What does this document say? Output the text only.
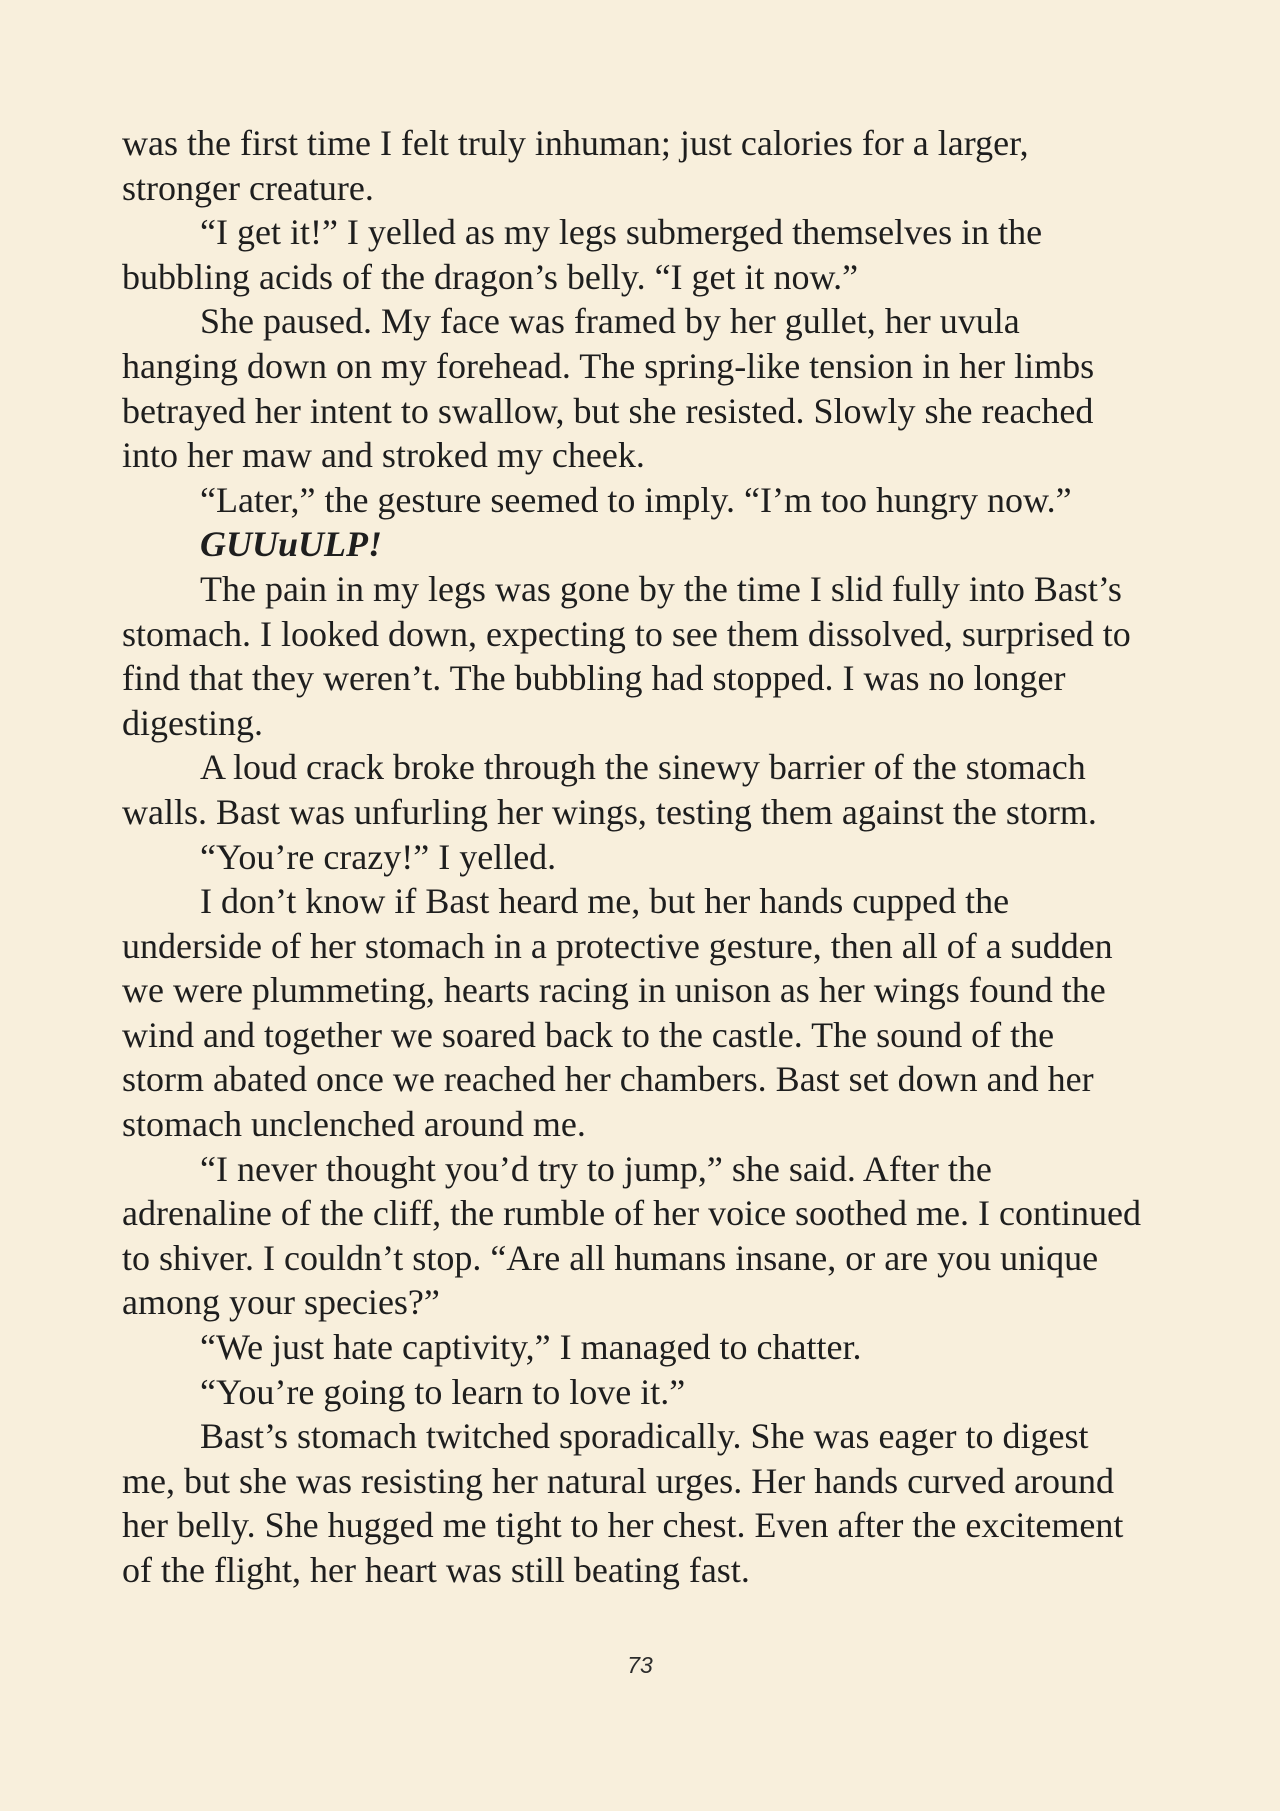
was the first time I felt truly inhuman; just calories for a larger,

stronger creature.

“I get it!” I yelled as my legs submerged themselves in the

bubbling acids of the dragon’s belly. “I get it now.”

She paused. My face was framed by her gullet, her uvula

hanging down on my forehead. The spring-like tension in her limbs

betrayed her intent to swallow, but she resisted. Slowly she reached

into her maw and stroked my cheek.

“Later,” the gesture seemed to imply. “I’m too hungry now.”

GUUuULP!

The pain in my legs was gone by the time I slid fully into Bast’s

stomach. I looked down, expecting to see them dissolved, surprised to

find that they weren’t. The bubbling had stopped. I was no longer

digesting.

A loud crack broke through the sinewy barrier of the stomach

walls. Bast was unfurling her wings, testing them against the storm.

“You’re crazy!” I yelled.

I don’t know if Bast heard me, but her hands cupped the

underside of her stomach in a protective gesture, then all of a sudden

we were plummeting, hearts racing in unison as her wings found the

wind and together we soared back to the castle. The sound of the

storm abated once we reached her chambers. Bast set down and her

stomach unclenched around me.

“I never thought you’d try to jump,” she said. After the

adrenaline of the cliff, the rumble of her voice soothed me. I continued

to shiver. I couldn’t stop. “Are all humans insane, or are you unique

among your species?”

“We just hate captivity,” I managed to chatter.

“You’re going to learn to love it.”

Bast’s stomach twitched sporadically. She was eager to digest

me, but she was resisting her natural urges. Her hands curved around

her belly. She hugged me tight to her chest. Even after the excitement

of the flight, her heart was still beating fast.

73
